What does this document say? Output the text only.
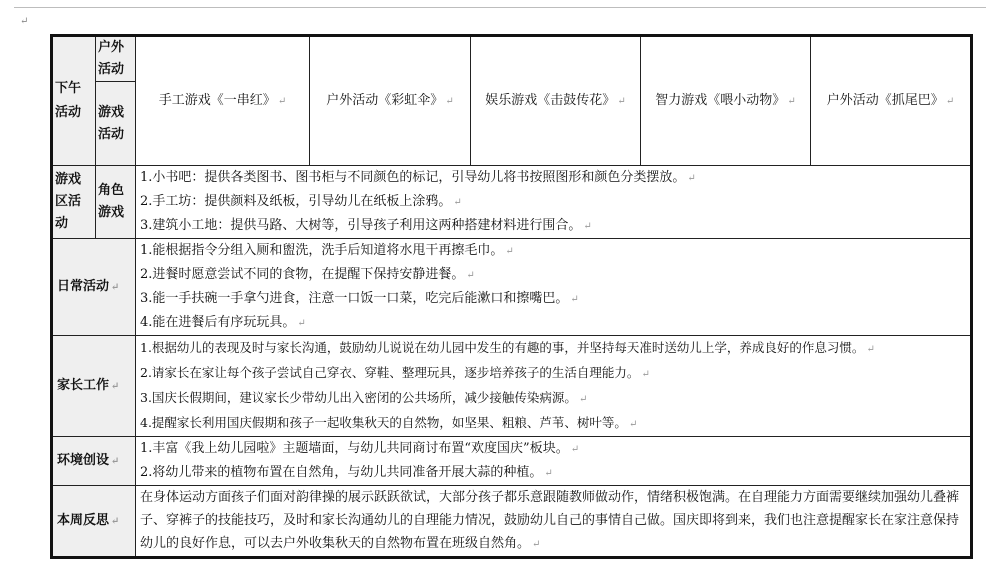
↵
下午活动	户外活动	手工游戏《一串红》 ↵	户外活动《彩虹伞》 ↵	娱乐游戏《击鼓传花》 ↵	智力游戏《喂小动物》 ↵	户外活动《抓尾巴》 ↵
	游戏活动					
游戏区活动	角色游戏	1.小书吧：提供各类图书、图书柜与不同颜色的标记，引导幼儿将书按照图形和颜色分类摆放。 ↵
2.手工坊：提供颜料及纸板，引导幼儿在纸板上涂鸦。 ↵
3.建筑小工地：提供马路、大树等，引导孩子利用这两种搭建材料进行围合。 ↵				

日常活动 ↵		1.能根据指令分组入厕和盥洗，洗手后知道将水甩干再擦毛巾。 ↵
2.进餐时愿意尝试不同的食物，在提醒下保持安静进餐。 ↵
3.能一手扶碗一手拿勺进食，注意一口饭一口菜，吃完后能漱口和擦嘴巴。 ↵
4.能在进餐后有序玩玩具。 ↵				

家长工作 ↵		1.根据幼儿的表现及时与家长沟通，鼓励幼儿说说在幼儿园中发生的有趣的事，并坚持每天准时送幼儿上学，养成良好的作息习惯。 ↵
2.请家长在家让每个孩子尝试自己穿衣、穿鞋、整理玩具，逐步培养孩子的生活自理能力。 ↵
3.国庆长假期间，建议家长少带幼儿出入密闭的公共场所，减少接触传染病源。 ↵
4.提醒家长利用国庆假期和孩子一起收集秋天的自然物，如坚果、粗粮、芦苇、树叶等。 ↵				

环境创设 ↵		1.丰富《我上幼儿园啦》主题墙面，与幼儿共同商讨布置“欢度国庆”板块。 ↵
2.将幼儿带来的植物布置在自然角，与幼儿共同准备开展大蒜的种植。 ↵				

本周反思 ↵		在身体运动方面孩子们面对韵律操的展示跃跃欲试，大部分孩子都乐意跟随教师做动作，情绪积极饱满。在自理能力方面需要继续加强幼儿叠裤子、穿裤子的技能技巧，及时和家长沟通幼儿的自理能力情况，鼓励幼儿自己的事情自己做。国庆即将到来，我们也注意提醒家长在家注意保持幼儿的良好作息，可以去户外收集秋天的自然物布置在班级自然角。 ↵				
